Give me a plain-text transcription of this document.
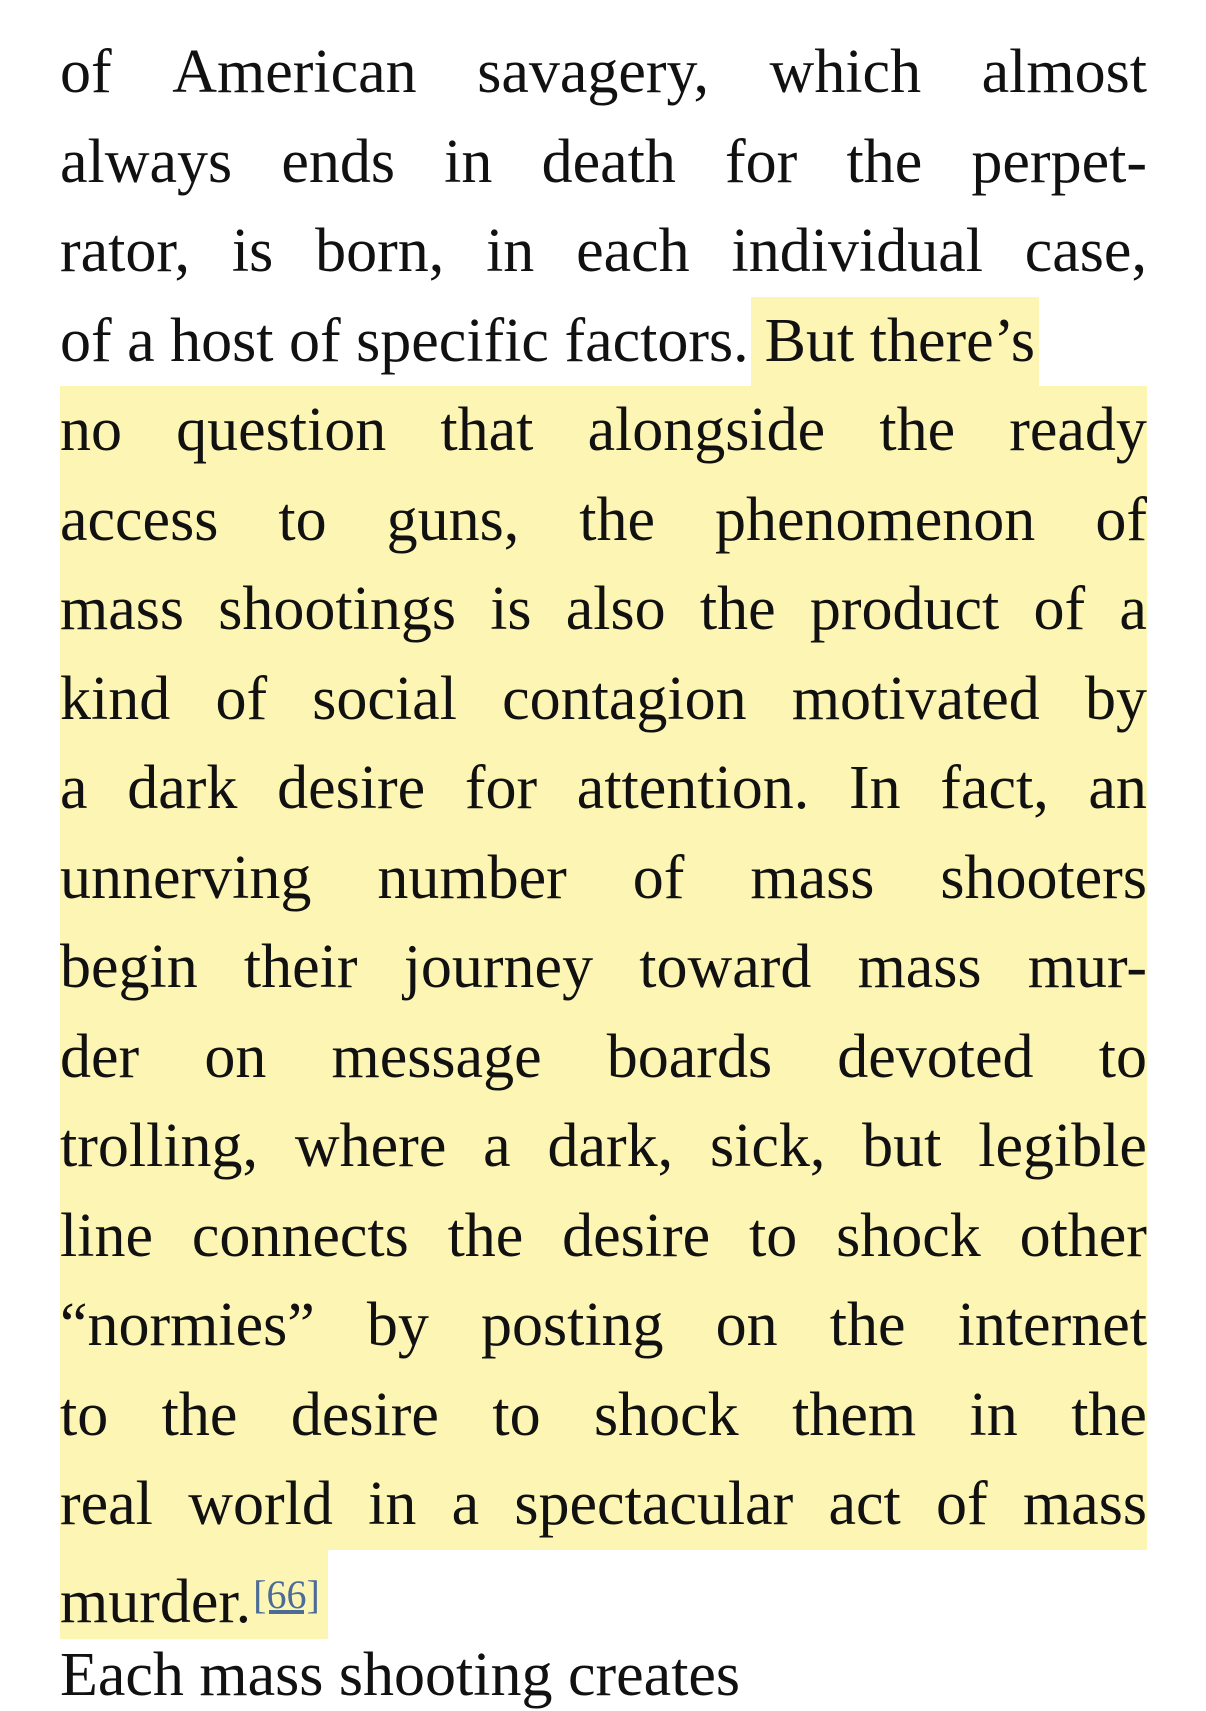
of American savagery, which almost
always ends in death for the perpet-
rator, is born, in each individual case,
of a host of specific factors. But there’s
no question that alongside the ready
access to guns, the phenomenon of
mass shootings is also the product of a
kind of social contagion motivated by
a dark desire for attention. In fact, an
unnerving number of mass shooters
begin their journey toward mass mur-
der on message boards devoted to
trolling, where a dark, sick, but legible
line connects the desire to shock other
“normies” by posting on the internet
to the desire to shock them in the
real world in a spectacular act of mass
murder.[66]
Each mass shooting creates
